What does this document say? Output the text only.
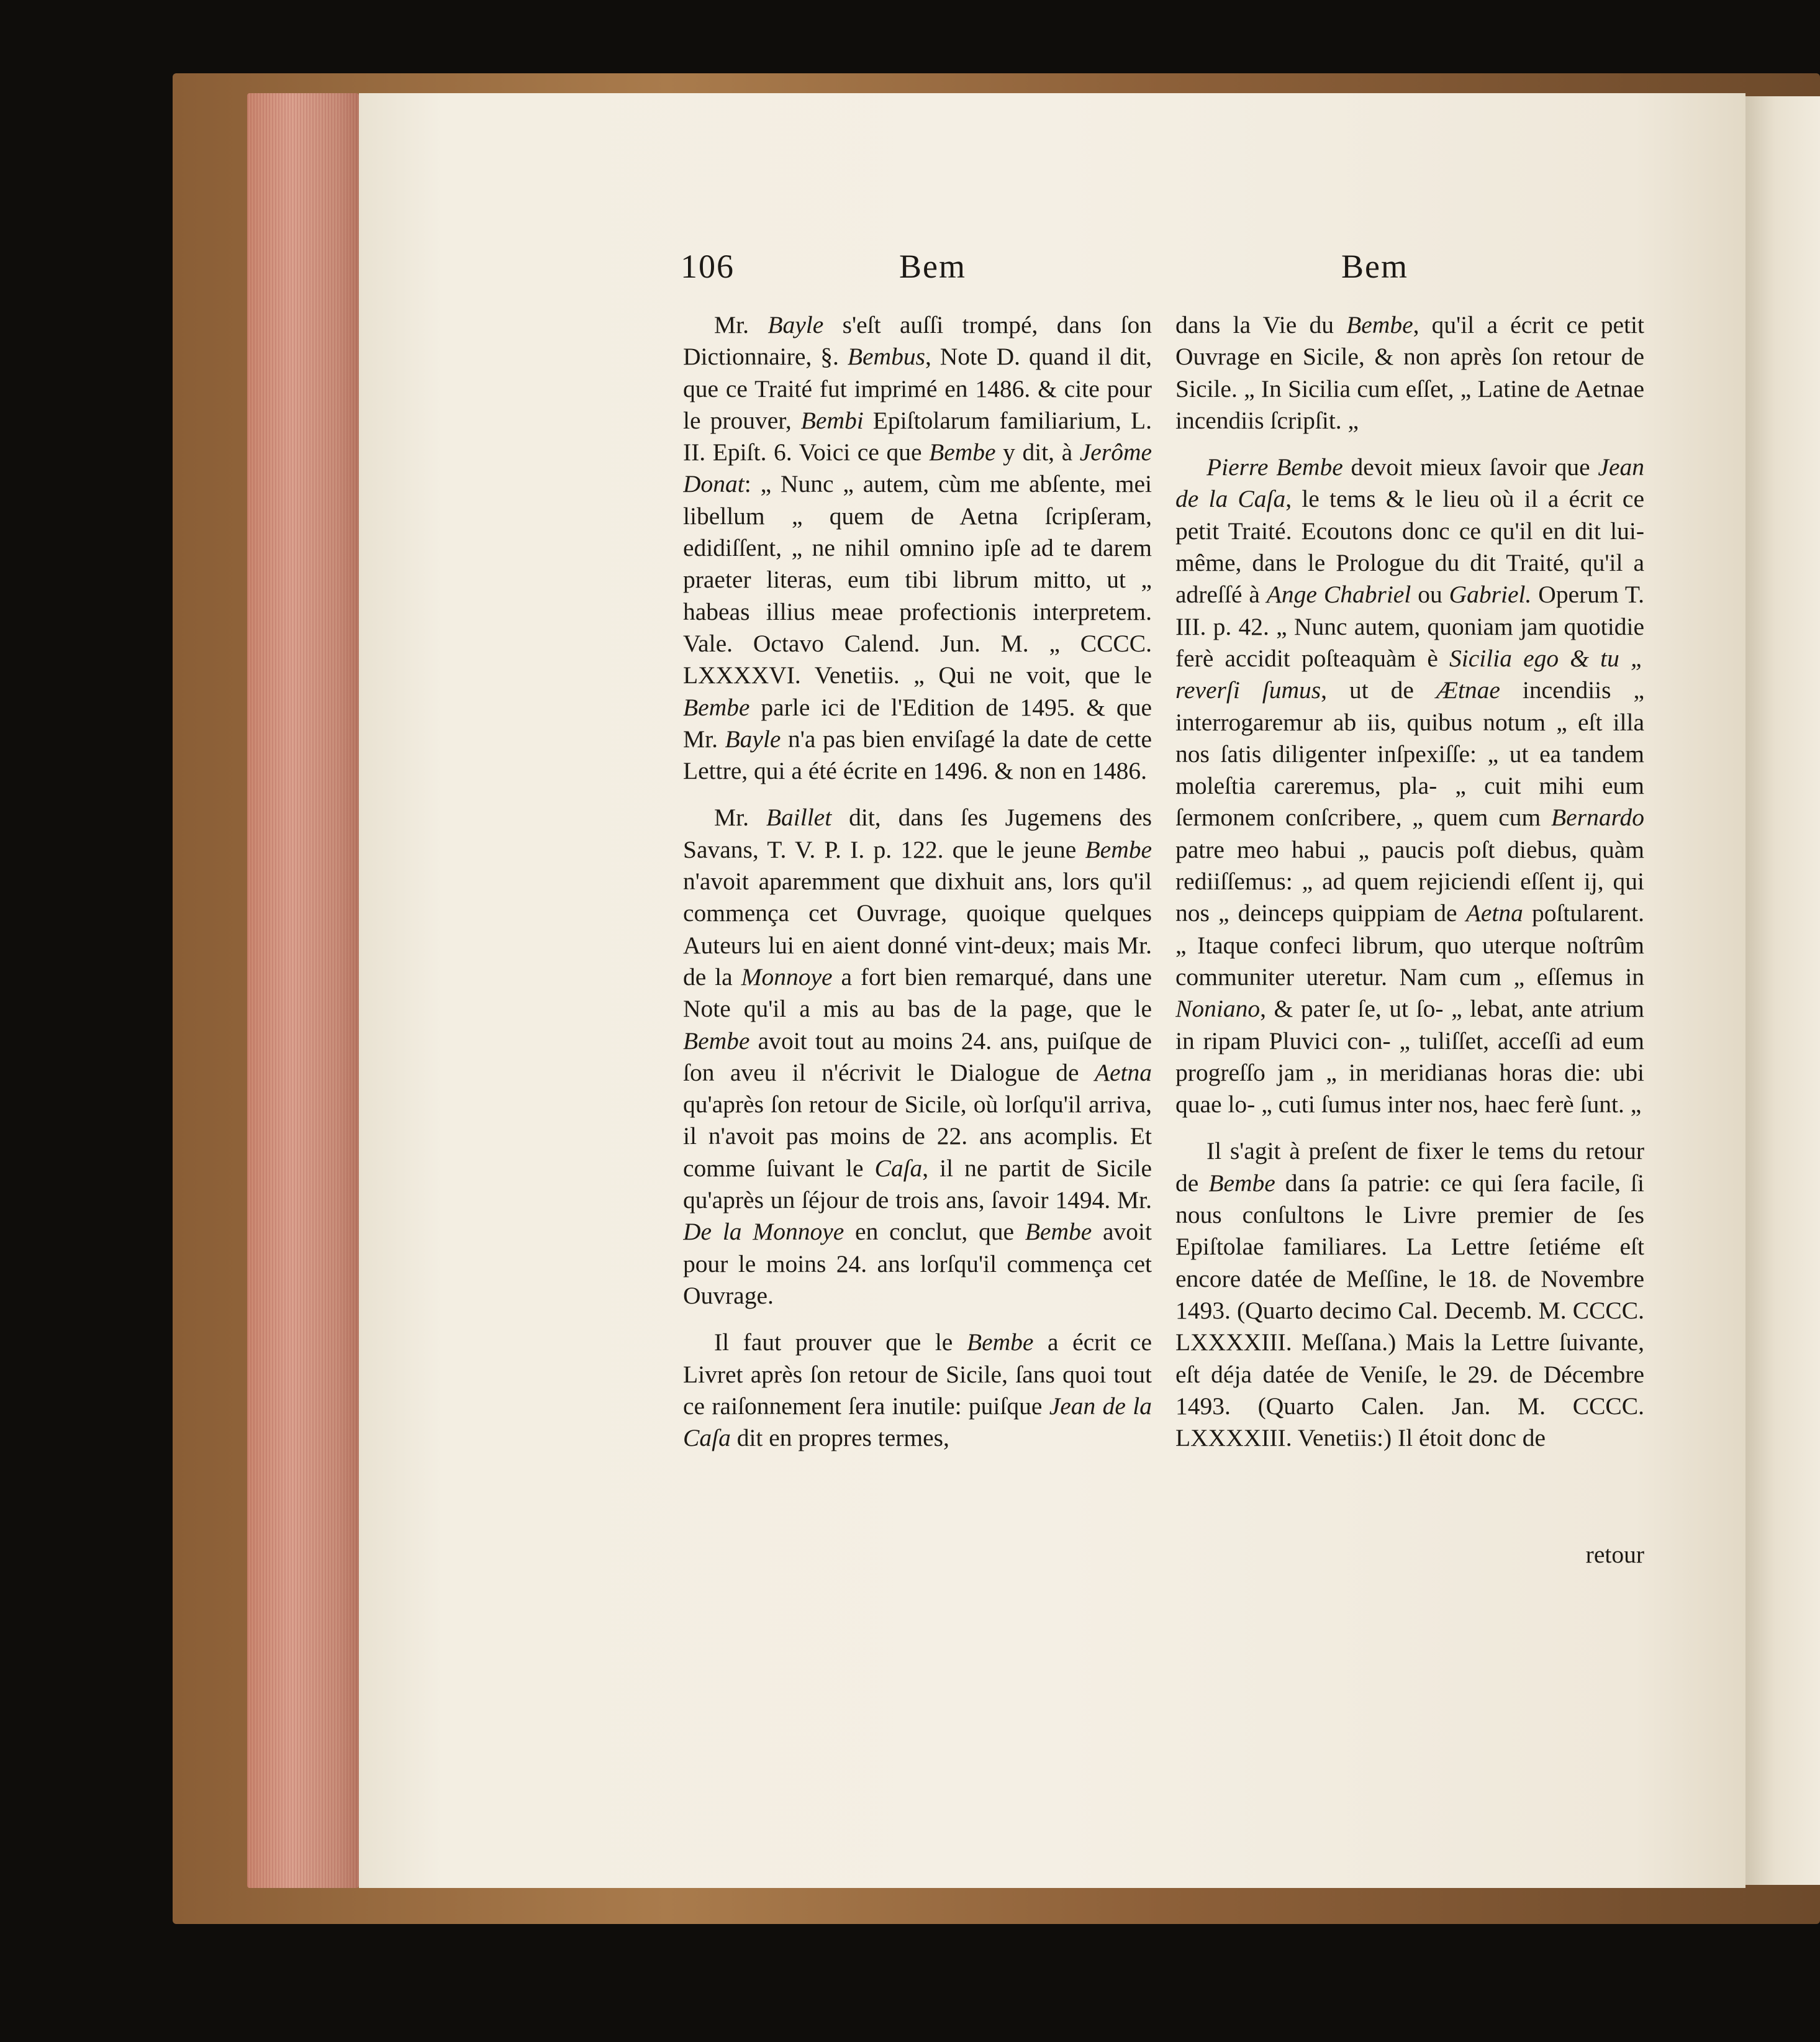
106	Bem	Bem

Mr. Bayle s'eſt auſſi trompé, dans ſon Dictionnaire, §. Bembus, Note D. quand il dit, que ce Traité fut imprimé en 1486. & cite pour le prouver, Bembi Epiſtolarum familiarium, L. II. Epiſt. 6. Voici ce que Bembe y dit, à Jerôme Donat: „ Nunc „ autem, cùm me abſente, mei libellum „ quem de Aetna ſcripſeram, edidiſſent, „ ne nihil omnino ipſe ad te darem praeter literas, eum tibi librum mitto, ut „ habeas illius meae profectionis interpretem. Vale. Octavo Calend. Jun. M. „ CCCC. LXXXXVI. Venetiis. „ Qui ne voit, que le Bembe parle ici de l'Edition de 1495. & que Mr. Bayle n'a pas bien enviſagé la date de cette Lettre, qui a été écrite en 1496. & non en 1486.

Mr. Baillet dit, dans ſes Jugemens des Savans, T. V. P. I. p. 122. que le jeune Bembe n'avoit aparemment que dixhuit ans, lors qu'il commença cet Ouvrage, quoique quelques Auteurs lui en aient donné vint-deux; mais Mr. de la Monnoye a fort bien remarqué, dans une Note qu'il a mis au bas de la page, que le Bembe avoit tout au moins 24. ans, puiſque de ſon aveu il n'écrivit le Dialogue de Aetna qu'après ſon retour de Sicile, où lorſqu'il arriva, il n'avoit pas moins de 22. ans acomplis. Et comme ſuivant le Caſa, il ne partit de Sicile qu'après un ſéjour de trois ans, ſavoir 1494. Mr. De la Monnoye en conclut, que Bembe avoit pour le moins 24. ans lorſqu'il commença cet Ouvrage.

Il faut prouver que le Bembe a écrit ce Livret après ſon retour de Sicile, ſans quoi tout ce raiſonnement ſera inutile: puiſque Jean de la Caſa dit en propres termes,

dans la Vie du Bembe, qu'il a écrit ce petit Ouvrage en Sicile, & non après ſon retour de Sicile. „ In Sicilia cum eſſet, „ Latine de Aetnae incendiis ſcripſit. „

Pierre Bembe devoit mieux ſavoir que Jean de la Caſa, le tems & le lieu où il a écrit ce petit Traité. Ecoutons donc ce qu'il en dit lui-même, dans le Prologue du dit Traité, qu'il a adreſſé à Ange Chabriel ou Gabriel. Operum T. III. p. 42. „ Nunc autem, quoniam jam quotidie ferè accidit poſteaquàm è Sicilia ego & tu „ reverſi ſumus, ut de Ætnae incendiis „ interrogaremur ab iis, quibus notum „ eſt illa nos ſatis diligenter inſpexiſſe: „ ut ea tandem moleſtia careremus, pla- „ cuit mihi eum ſermonem conſcribere, „ quem cum Bernardo patre meo habui „ paucis poſt diebus, quàm rediiſſemus: „ ad quem rejiciendi eſſent ij, qui nos „ deinceps quippiam de Aetna poſtularent. „ Itaque confeci librum, quo uterque noſtrûm communiter uteretur. Nam cum „ eſſemus in Noniano, & pater ſe, ut ſo- „ lebat, ante atrium in ripam Pluvici con- „ tuliſſet, acceſſi ad eum progreſſo jam „ in meridianas horas die: ubi quae lo- „ cuti ſumus inter nos, haec ferè ſunt. „

Il s'agit à preſent de fixer le tems du retour de Bembe dans ſa patrie: ce qui ſera facile, ſi nous conſultons le Livre premier de ſes Epiſtolae familiares. La Lettre ſetiéme eſt encore datée de Meſſine, le 18. de Novembre 1493. (Quarto decimo Cal. Decemb. M. CCCC. LXXXXIII. Meſſana.) Mais la Lettre ſuivante, eſt déja datée de Veniſe, le 29. de Décembre 1493. (Quarto Calen. Jan. M. CCCC. LXXXXIII. Venetiis:) Il étoit donc de

retour
